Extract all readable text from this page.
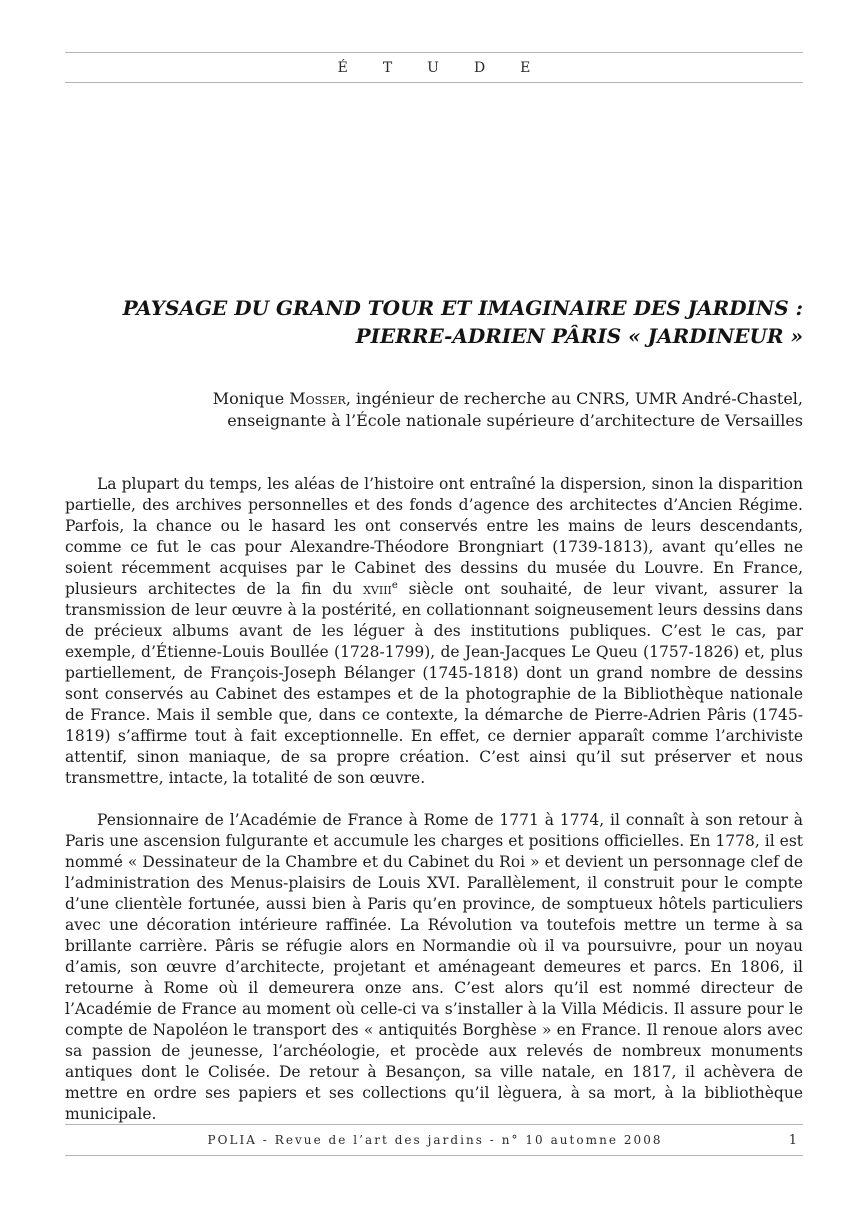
ÉTUDE
PAYSAGE DU GRAND TOUR ET IMAGINAIRE DES JARDINS :
PIERRE-ADRIEN PÂRIS « JARDINEUR »
Monique Mosser, ingénieur de recherche au CNRS, UMR André-Chastel,
enseignante à l’École nationale supérieure d’architecture de Versailles

La plupart du temps, les aléas de l’histoire ont entraîné la dispersion, sinon la disparition partielle, des archives personnelles et des fonds d’agence des architectes d’Ancien Régime. Parfois, la chance ou le hasard les ont conservés entre les mains de leurs descendants, comme ce fut le cas pour Alexandre-Théodore Brongniart (1739-1813), avant qu’elles ne soient récemment acquises par le Cabinet des dessins du musée du Louvre. En France, plusieurs architectes de la fin du xviii$^e$ siècle ont souhaité, de leur vivant, assurer la transmission de leur œuvre à la postérité, en collationnant soigneusement leurs dessins dans de précieux albums avant de les léguer à des institutions publiques. C’est le cas, par exemple, d’Étienne-Louis Boullée (1728-1799), de Jean-Jacques Le Queu (1757-1826) et, plus partiellement, de François-Joseph Bélanger (1745-1818) dont un grand nombre de dessins sont conservés au Cabinet des estampes et de la photographie de la Bibliothèque nationale de France. Mais il semble que, dans ce contexte, la démarche de Pierre-Adrien Pâris (1745-1819) s’affirme tout à fait exceptionnelle. En effet, ce dernier apparaît comme l’archiviste attentif, sinon maniaque, de sa propre création. C’est ainsi qu’il sut préserver et nous transmettre, intacte, la totalité de son œuvre.

Pensionnaire de l’Académie de France à Rome de 1771 à 1774, il connaît à son retour à Paris une ascension fulgurante et accumule les charges et positions officielles. En 1778, il est nommé « Dessinateur de la Chambre et du Cabinet du Roi » et devient un personnage clef de l’administration des Menus-plaisirs de Louis XVI. Parallèlement, il construit pour le compte d’une clientèle fortunée, aussi bien à Paris qu’en province, de somptueux hôtels particuliers avec une décoration intérieure raffinée. La Révolution va toutefois mettre un terme à sa brillante carrière. Pâris se réfugie alors en Normandie où il va poursuivre, pour un noyau d’amis, son œuvre d’architecte, projetant et aménageant demeures et parcs. En 1806, il retourne à Rome où il demeurera onze ans. C’est alors qu’il est nommé directeur de l’Académie de France au moment où celle-ci va s’installer à la Villa Médicis. Il assure pour le compte de Napoléon le transport des « antiquités Borghèse » en France. Il renoue alors avec sa passion de jeunesse, l’archéologie, et procède aux relevés de nombreux monuments antiques dont le Colisée. De retour à Besançon, sa ville natale, en 1817, il achèvera de mettre en ordre ses papiers et ses collections qu’il lèguera, à sa mort, à la bibliothèque municipale.

POLIA - Revue de l’art des jardins - n° 10 automne 2008	1
